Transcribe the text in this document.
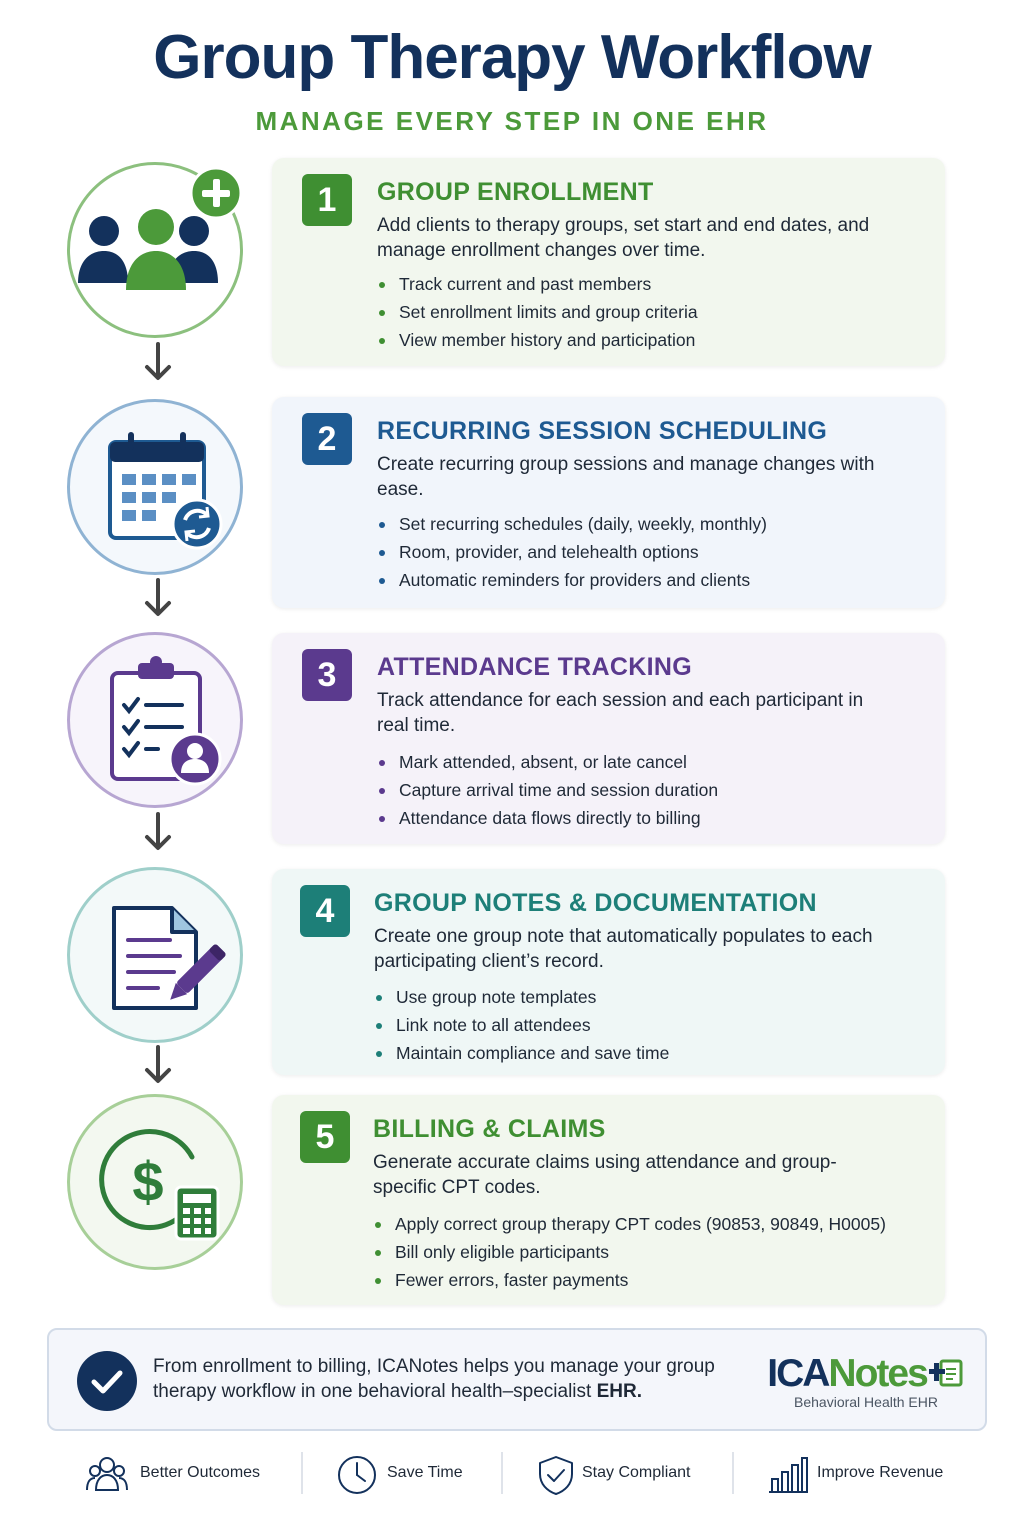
Group Therapy Workflow
MANAGE EVERY STEP IN ONE EHR
1	GROUP ENROLLMENT
Add clients to therapy groups, set start and end dates, and manage enrollment changes over time.
Track current and past members
Set enrollment limits and group criteria
View member history and participation
2	RECURRING SESSION SCHEDULING
Create recurring group sessions and manage changes with ease.
Set recurring schedules (daily, weekly, monthly)
Room, provider, and telehealth options
Automatic reminders for providers and clients
3	ATTENDANCE TRACKING
Track attendance for each session and each participant in real time.
Mark attended, absent, or late cancel
Capture arrival time and session duration
Attendance data flows directly to billing
4	GROUP NOTES & DOCUMENTATION
Create one group note that automatically populates to each participating client’s record.
Use group note templates
Link note to all attendees
Maintain compliance and save time
$
5	BILLING & CLAIMS
Generate accurate claims using attendance and group-specific CPT codes.
Apply correct group therapy CPT codes (90853, 90849, H0005)
Bill only eligible participants
Fewer errors, faster payments
From enrollment to billing, ICANotes helps you manage your group therapy workflow in one behavioral health–specialist EHR.	ICANotes
Behavioral Health EHR
Better Outcomes	Save Time	Stay Compliant	Improve Revenue
